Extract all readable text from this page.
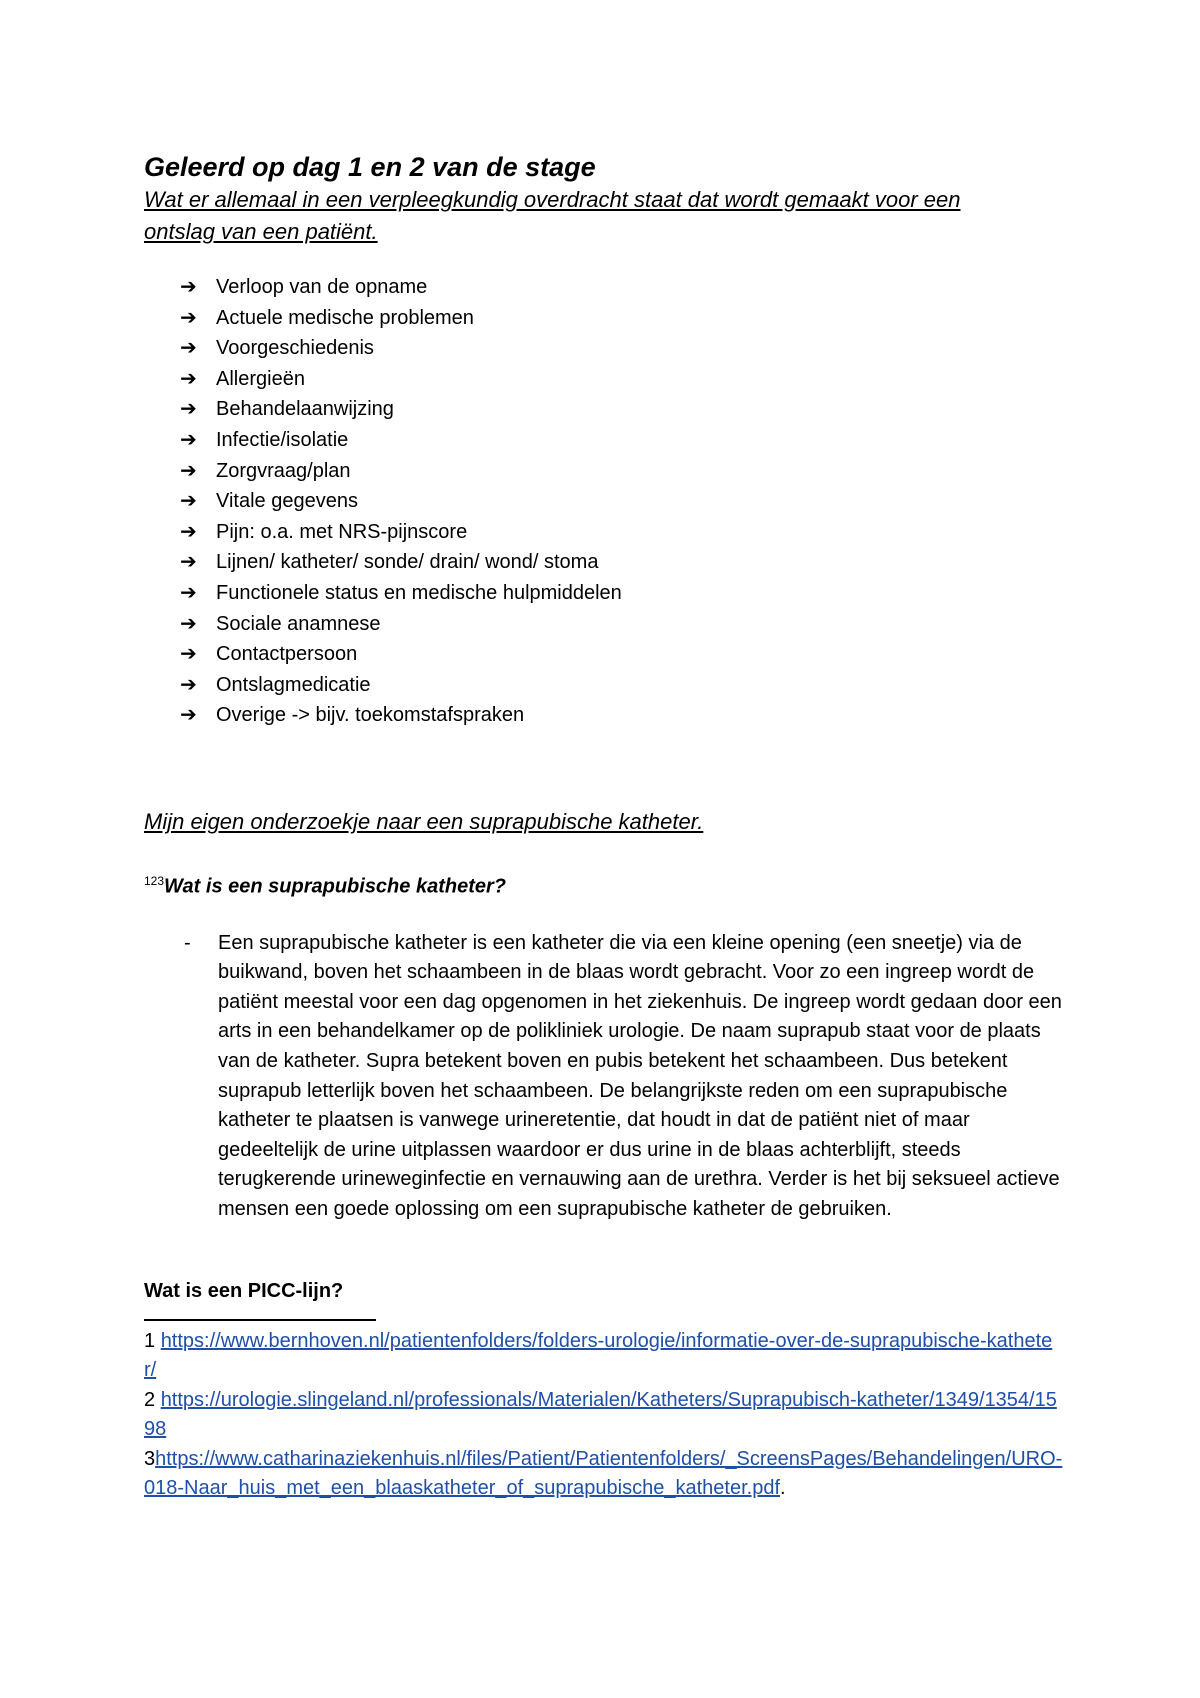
Geleerd op dag 1 en 2 van de stage

Wat er allemaal in een verpleegkundig overdracht staat dat wordt gemaakt voor een ontslag van een patiënt.

➔ Verloop van de opname
➔ Actuele medische problemen
➔ Voorgeschiedenis
➔ Allergieën
➔ Behandelaanwijzing
➔ Infectie/isolatie
➔ Zorgvraag/plan
➔ Vitale gegevens
➔ Pijn: o.a. met NRS-pijnscore
➔ Lijnen/ katheter/ sonde/ drain/ wond/ stoma
➔ Functionele status en medische hulpmiddelen
➔ Sociale anamnese
➔ Contactpersoon
➔ Ontslagmedicatie
➔ Overige -> bijv. toekomstafspraken

Mijn eigen onderzoekje naar een suprapubische katheter.

$^{123}$Wat is een suprapubische katheter?

-	Een suprapubische katheter is een katheter die via een kleine opening (een sneetje) via de buikwand, boven het schaambeen in de blaas wordt gebracht. Voor zo een ingreep wordt de patiënt meestal voor een dag opgenomen in het ziekenhuis. De ingreep wordt gedaan door een arts in een behandelkamer op de polikliniek urologie. De naam suprapub staat voor de plaats van de katheter. Supra betekent boven en pubis betekent het schaambeen. Dus betekent suprapub letterlijk boven het schaambeen. De belangrijkste reden om een suprapubische katheter te plaatsen is vanwege urineretentie, dat houdt in dat de patiënt niet of maar gedeeltelijk de urine uitplassen waardoor er dus urine in de blaas achterblijft, steeds terugkerende urineweginfectie en vernauwing aan de urethra. Verder is het bij seksueel actieve mensen een goede oplossing om een suprapubische katheter de gebruiken.

Wat is een PICC-lijn?

1 https://www.bernhoven.nl/patientenfolders/folders-urologie/informatie-over-de-suprapubische-katheter/

2 https://urologie.slingeland.nl/professionals/Materialen/Katheters/Suprapubisch-katheter/1349/1354/1598

3https://www.catharinaziekenhuis.nl/files/Patient/Patientenfolders/_ScreensPages/Behandelingen/URO-018-Naar_huis_met_een_blaaskatheter_of_suprapubische_katheter.pdf.
